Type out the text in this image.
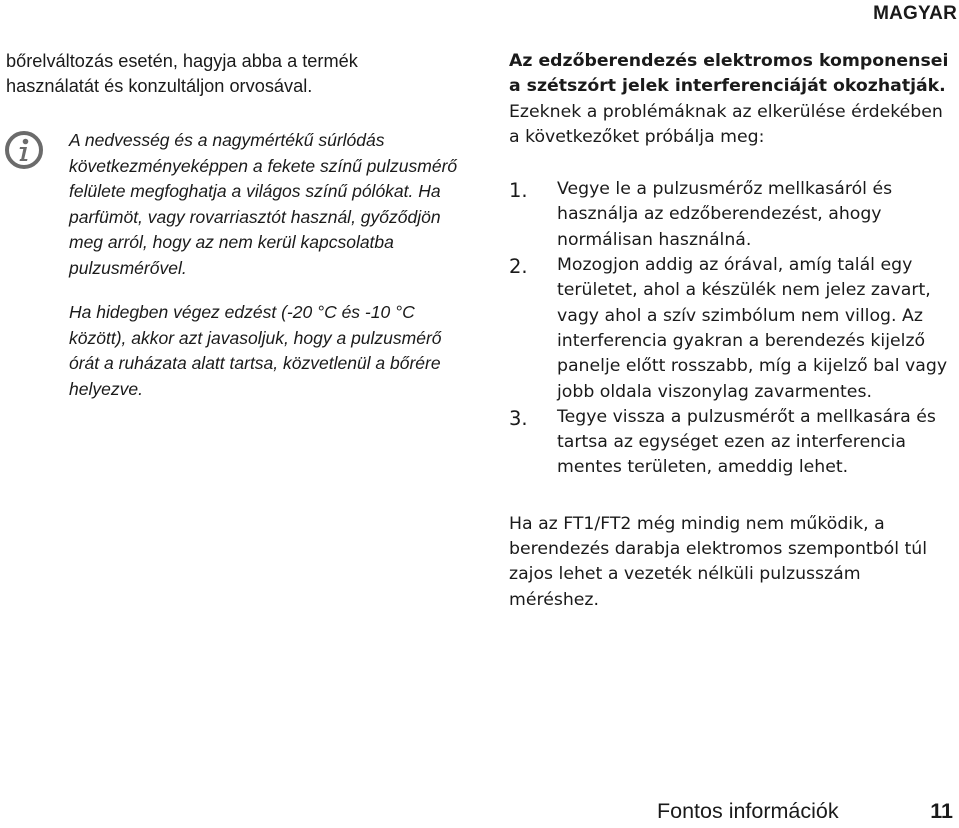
MAGYAR

bőrelváltozás esetén, hagyja abba a termék használatát és konzultáljon orvosával.

A nedvesség és a nagymértékű súrlódás következményeképpen a fekete színű pulzusmérő felülete megfoghatja a világos színű pólókat. Ha parfümöt, vagy rovarriasztót használ, győződjön meg arról, hogy az nem kerül kapcsolatba pulzusmérővel.

Ha hidegben végez edzést (-20 °C és -10 °C között), akkor azt javasoljuk, hogy a pulzusmérő órát a ruházata alatt tartsa, közvetlenül a bőrére helyezve.

Az edzőberendezés elektromos komponensei a szétszórt jelek interferenciáját okozhatják. Ezeknek a problémáknak az elkerülése érdekében a következőket próbálja meg:

1. Vegye le a pulzusmérőz mellkasáról és használja az edzőberendezést, ahogy normálisan használná.
2. Mozogjon addig az órával, amíg talál egy területet, ahol a készülék nem jelez zavart, vagy ahol a szív szimbólum nem villog. Az interferencia gyakran a berendezés kijelző panelje előtt rosszabb, míg a kijelző bal vagy jobb oldala viszonylag zavarmentes.
3. Tegye vissza a pulzusmérőt a mellkasára és tartsa az egységet ezen az interferencia mentes területen, ameddig lehet.

Ha az FT1/FT2 még mindig nem működik, a berendezés darabja elektromos szempontból túl zajos lehet a vezeték nélküli pulzusszám méréshez.

Fontos információk	11
